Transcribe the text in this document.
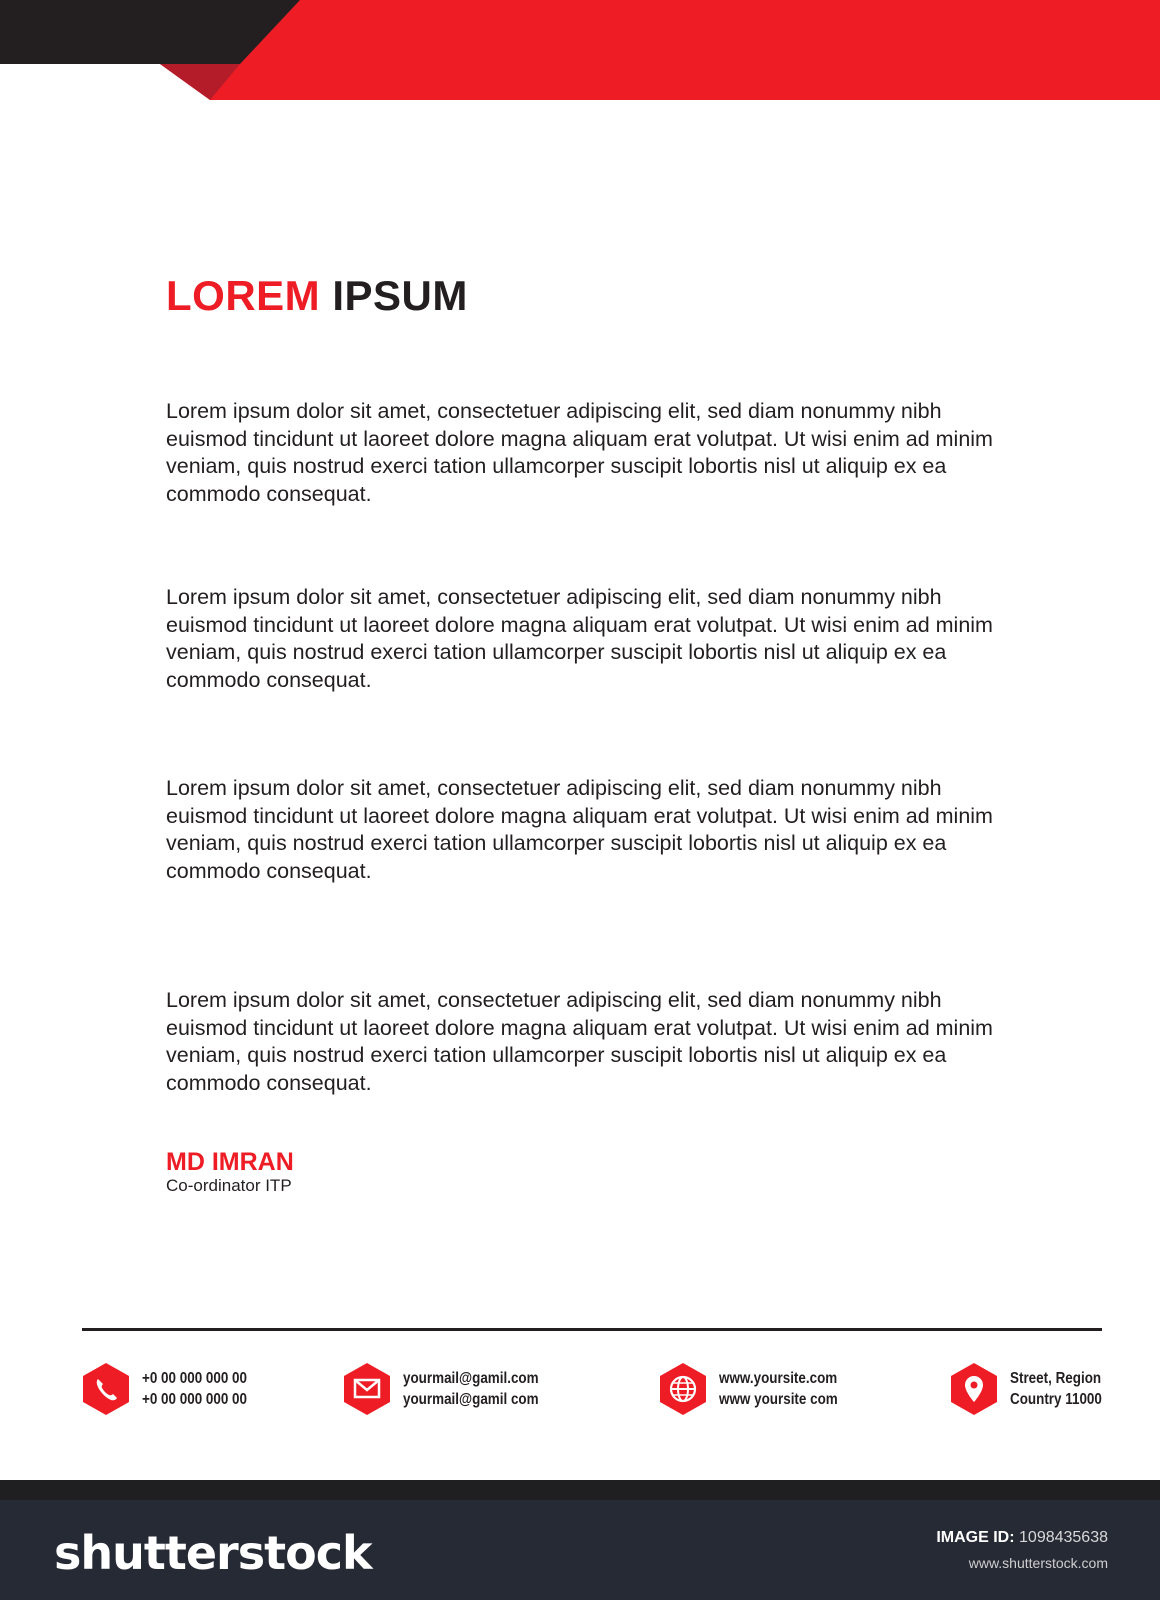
LOREM IPSUM

Lorem ipsum dolor sit amet, consectetuer adipiscing elit, sed diam nonummy nibh euismod tincidunt ut laoreet dolore magna aliquam erat volutpat. Ut wisi enim ad minim veniam, quis nostrud exerci tation ullamcorper suscipit lobortis nisl ut aliquip ex ea commodo consequat.

Lorem ipsum dolor sit amet, consectetuer adipiscing elit, sed diam nonummy nibh euismod tincidunt ut laoreet dolore magna aliquam erat volutpat. Ut wisi enim ad minim veniam, quis nostrud exerci tation ullamcorper suscipit lobortis nisl ut aliquip ex ea commodo consequat.

Lorem ipsum dolor sit amet, consectetuer adipiscing elit, sed diam nonummy nibh euismod tincidunt ut laoreet dolore magna aliquam erat volutpat. Ut wisi enim ad minim veniam, quis nostrud exerci tation ullamcorper suscipit lobortis nisl ut aliquip ex ea commodo consequat.

Lorem ipsum dolor sit amet, consectetuer adipiscing elit, sed diam nonummy nibh euismod tincidunt ut laoreet dolore magna aliquam erat volutpat. Ut wisi enim ad minim veniam, quis nostrud exerci tation ullamcorper suscipit lobortis nisl ut aliquip ex ea commodo consequat.

MD IMRAN
Co-ordinator ITP
+0 00 000 000 00
+0 00 000 000 00
yourmail@gamil.com
yourmail@gamil com
www.yoursite.com
www yoursite com
Street, Region
Country 11000
shutterstock	IMAGE ID: 1098435638
www.shutterstock.com
